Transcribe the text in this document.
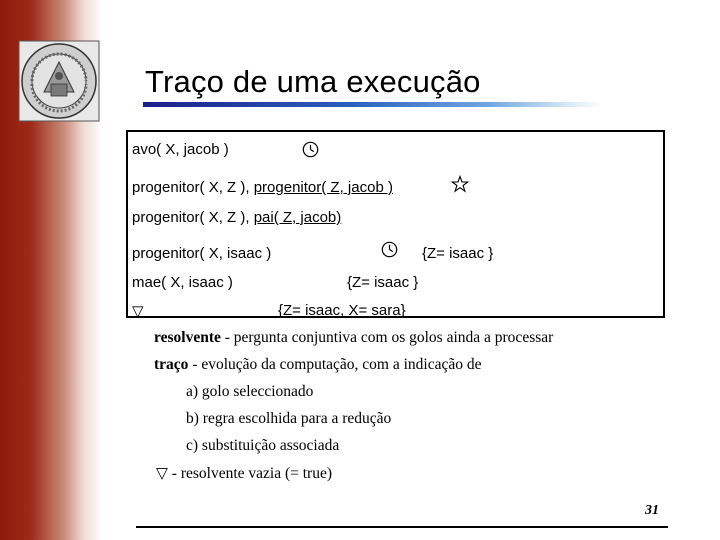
Traço de uma execução
avo( X, jacob )
progenitor( X, Z ), progenitor( Z, jacob )
progenitor( X, Z ), pai( Z, jacob)
progenitor( X, isaac )	{Z= isaac }
mae( X, isaac )	{Z= isaac }
▽	{Z= isaac, X= sara}
resolvente - pergunta conjuntiva com os golos ainda a processar
traço - evolução da computação, com a indicação de
a) golo seleccionado
b) regra escolhida para a redução
c) substituição associada
▽ - resolvente vazia (= true)
31
